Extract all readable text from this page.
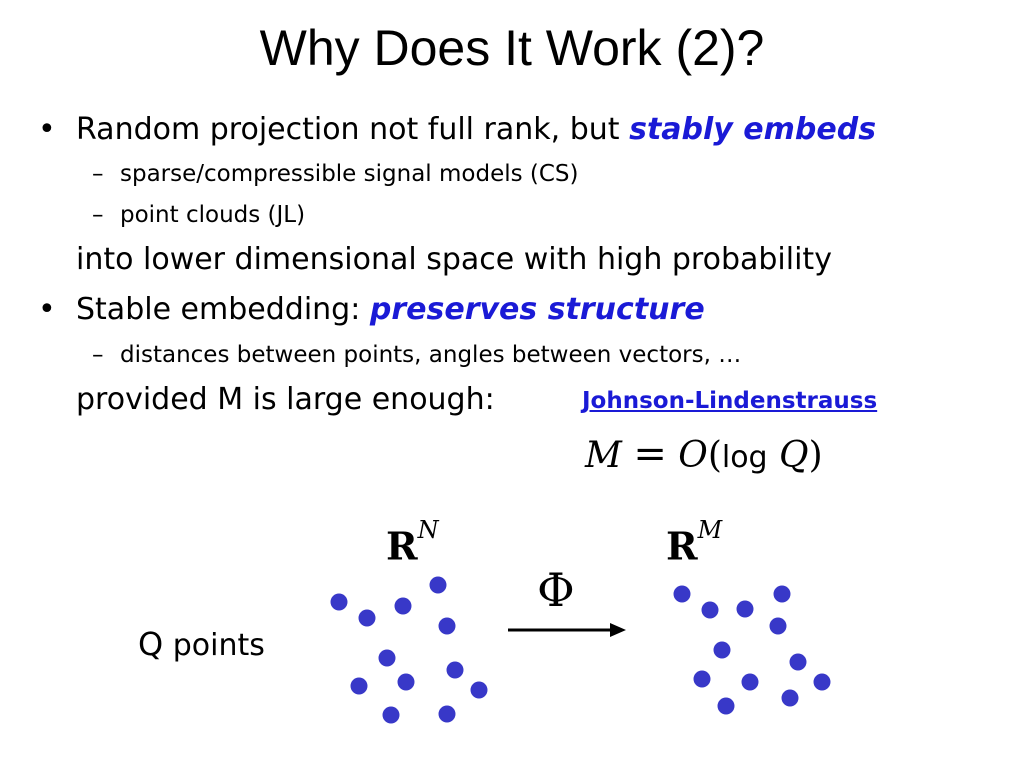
Why Does It Work (2)?
• Random projection not full rank, but stably embeds
– sparse/compressible signal models (CS)
– point clouds (JL)
into lower dimensional space with high probability
• Stable embedding: preserves structure
– distances between points, angles between vectors, …
provided M is large enough:	Johnson-Lindenstrauss
M = O(log Q)
$R^N$	$R^M$
Φ
Q points
